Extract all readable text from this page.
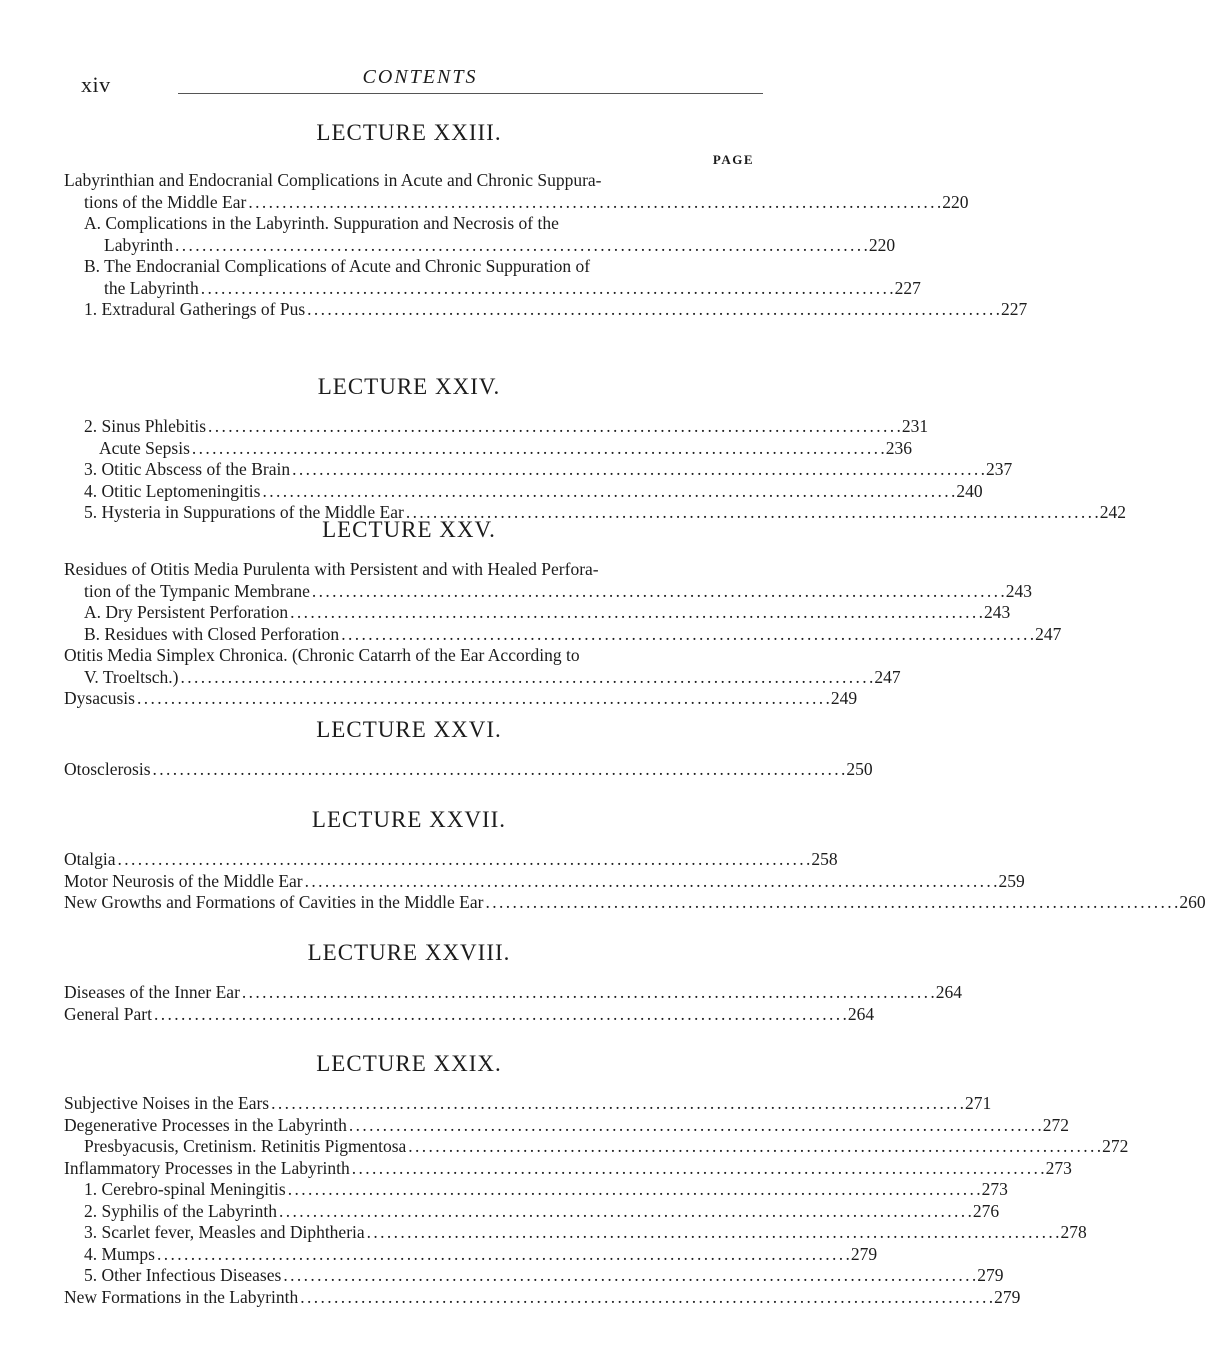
xiv	CONTENTS
LECTURE XXIII.
PAGE
Labyrinthian and Endocranial Complications in Acute and Chronic Suppura-
tions of the Middle Ear . . .	220
A. Complications in the Labyrinth. Suppuration and Necrosis of the
Labyrinth . . .	220
B. The Endocranial Complications of Acute and Chronic Suppuration of
the Labyrinth . . .	227
1. Extradural Gatherings of Pus . . .	227
LECTURE XXIV.
2. Sinus Phlebitis . . .	231
Acute Sepsis . . .	236
3. Otitic Abscess of the Brain . . .	237
4. Otitic Leptomeningitis . . .	240
5. Hysteria in Suppurations of the Middle Ear . . .	242
LECTURE XXV.
Residues of Otitis Media Purulenta with Persistent and with Healed Perfora-
tion of the Tympanic Membrane . . .	243
A. Dry Persistent Perforation . . .	243
B. Residues with Closed Perforation . . .	247
Otitis Media Simplex Chronica. (Chronic Catarrh of the Ear According to
V. Troeltsch.) . . .	247
Dysacusis . . .	249
LECTURE XXVI.
Otosclerosis . . .	250
LECTURE XXVII.
Otalgia . . .	258
Motor Neurosis of the Middle Ear . . .	259
New Growths and Formations of Cavities in the Middle Ear . . .	260
LECTURE XXVIII.
Diseases of the Inner Ear . . .	264
General Part . . .	264
LECTURE XXIX.
Subjective Noises in the Ears . . .	271
Degenerative Processes in the Labyrinth . . .	272
Presbyacusis, Cretinism. Retinitis Pigmentosa . . .	272
Inflammatory Processes in the Labyrinth . . .	273
1. Cerebro-spinal Meningitis . . .	273
2. Syphilis of the Labyrinth . . .	276
3. Scarlet fever, Measles and Diphtheria . . .	278
4. Mumps . . .	279
5. Other Infectious Diseases . . .	279
New Formations in the Labyrinth . . .	279
